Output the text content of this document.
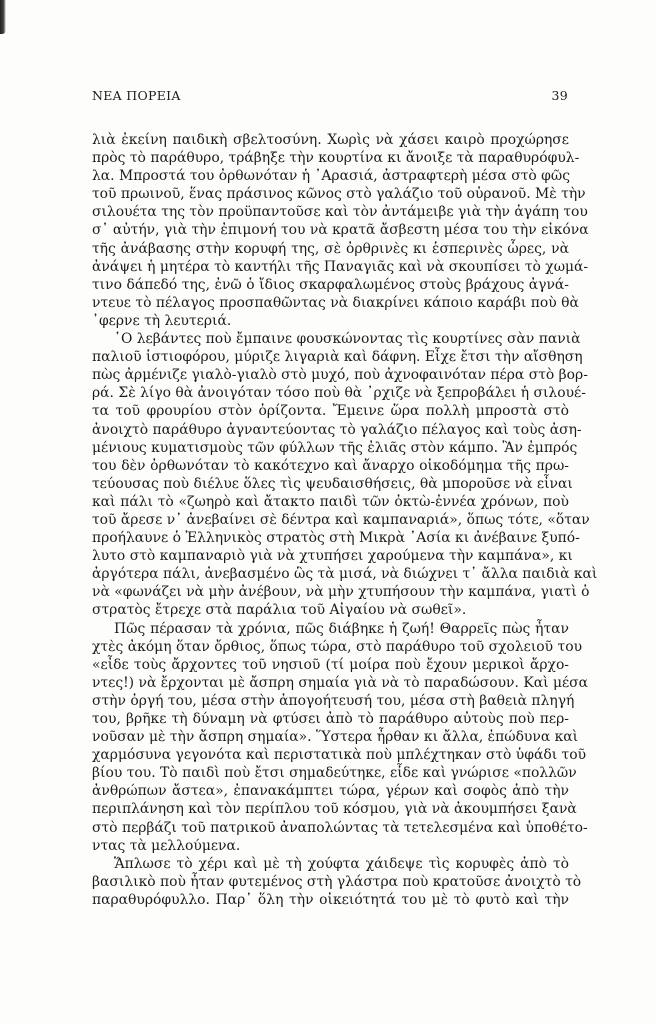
ΝΕΑ ΠΟΡΕΙΑ	39
λιὰ ἐκείνη παιδικὴ σβελτοσύνη. Χωρὶς νὰ χάσει καιρὸ προχώρησε
πρὸς τὸ παράθυρο, τράβηξε τὴν κουρτίνα κι ἄνοιξε τὰ παραθυρόφυλ-
λα. Μπροστά του ὀρθωνόταν ἡ ᾽Αρασιά, ἀστραφτερὴ μέσα στὸ φῶς
τοῦ πρωινοῦ, ἕνας πράσινος κῶνος στὸ γαλάζιο τοῦ οὐρανοῦ. Μὲ τὴν
σιλουέτα της τὸν προϋπαντοῦσε καὶ τὸν ἀντάμειβε γιὰ τὴν ἀγάπη του
σ᾽ αὐτήν, γιὰ τὴν ἐπιμονή του νὰ κρατᾶ ἄσβεστη μέσα του τὴν εἰκόνα
τῆς ἀνάβασης στὴν κορυφή της, σὲ ὀρθρινὲς κι ἑσπερινὲς ὧρες, νὰ
ἀνάψει ἡ μητέρα τὸ καντήλι τῆς Παναγιᾶς καὶ νὰ σκουπίσει τὸ χωμά-
τινο δάπεδό της, ἐνῶ ὁ ἴδιος σκαρφαλωμένος στοὺς βράχους ἀγνά-
ντευε τὸ πέλαγος προσπαθῶντας νὰ διακρίνει κάποιο καράβι ποὺ θὰ
᾽φερνε τὴ λευτεριά.
῾Ο λεβάντες ποὺ ἔμπαινε φουσκώνοντας τὶς κουρτίνες σὰν πανιὰ
παλιοῦ ἱστιοφόρου, μύριζε λιγαριὰ καὶ δάφνη. Εἶχε ἔτσι τὴν αἴσθηση
πὼς ἀρμένιζε γιαλὸ-γιαλὸ στὸ μυχό, ποὺ ἀχνοφαινόταν πέρα στὸ βορ-
ρά. Σὲ λίγο θὰ ἀνοιγόταν τόσο ποὺ θὰ ᾽ρχιζε νὰ ξεπροβάλει ἡ σιλουέ-
τα τοῦ φρουρίου στὸν ὁρίζοντα. Ἔμεινε ὥρα πολλὴ μπροστὰ στὸ
ἀνοιχτὸ παράθυρο ἀγναντεύοντας τὸ γαλάζιο πέλαγος καὶ τοὺς ἀση-
μένιους κυματισμοὺς τῶν φύλλων τῆς ἐλιᾶς στὸν κάμπο. Ἂν ἐμπρός
του δὲν ὀρθωνόταν τὸ κακότεχνο καὶ ἄναρχο οἰκοδόμημα τῆς πρω-
τεύουσας ποὺ διέλυε ὅλες τὶς ψευδαισθήσεις, θὰ μποροῦσε νὰ εἶναι
καὶ πάλι τὸ «ζωηρὸ καὶ ἄτακτο παιδὶ τῶν ὀκτὼ-ἐννέα χρόνων, ποὺ
τοῦ ἄρεσε ν᾽ ἀνεβαίνει σὲ δέντρα καὶ καμπαναριά», ὅπως τότε, «ὅταν
προήλαυνε ὁ Ἑλληνικὸς στρατὸς στὴ Μικρὰ ᾽Ασία κι ἀνέβαινε ξυπό-
λυτο στὸ καμπαναριὸ γιὰ νὰ χτυπήσει χαρούμενα τὴν καμπάνα», κι
ἀργότερα πάλι, ἀνεβασμένο ὣς τὰ μισά, νὰ διώχνει τ᾽ ἄλλα παιδιὰ καὶ
νὰ «φωνάζει νὰ μὴν ἀνέβουν, νὰ μὴν χτυπήσουν τὴν καμπάνα, γιατὶ ὁ
στρατὸς ἔτρεχε στὰ παράλια τοῦ Αἰγαίου νὰ σωθεῖ».
Πῶς πέρασαν τὰ χρόνια, πῶς διάβηκε ἡ ζωή! Θαρρεῖς πὼς ἦταν
χτὲς ἀκόμη ὅταν ὄρθιος, ὅπως τώρα, στὸ παράθυρο τοῦ σχολειοῦ του
«εἶδε τοὺς ἄρχοντες τοῦ νησιοῦ (τί μοίρα ποὺ ἔχουν μερικοὶ ἄρχο-
ντες!) νὰ ἔρχονται μὲ ἄσπρη σημαία γιὰ νὰ τὸ παραδώσουν. Καὶ μέσα
στὴν ὀργή του, μέσα στὴν ἀπογοήτευσή του, μέσα στὴ βαθειὰ πληγή
του, βρῆκε τὴ δύναμη νὰ φτύσει ἀπὸ τὸ παράθυρο αὐτοὺς ποὺ περ-
νοῦσαν μὲ τὴν ἄσπρη σημαία». Ὕστερα ἦρθαν κι ἄλλα, ἐπώδυνα καὶ
χαρμόσυνα γεγονότα καὶ περιστατικὰ ποὺ μπλέχτηκαν στὸ ὑφάδι τοῦ
βίου του. Τὸ παιδὶ ποὺ ἔτσι σημαδεύτηκε, εἶδε καὶ γνώρισε «πολλῶν
ἀνθρώπων ἄστεα», ἐπανακάμπτει τώρα, γέρων καὶ σοφὸς ἀπὸ τὴν
περιπλάνηση καὶ τὸν περίπλου τοῦ κόσμου, γιὰ νὰ ἀκουμπήσει ξανὰ
στὸ περβάζι τοῦ πατρικοῦ ἀναπολώντας τὰ τετελεσμένα καὶ ὑποθέτο-
ντας τὰ μελλούμενα.
Ἅπλωσε τὸ χέρι καὶ μὲ τὴ χούφτα χάιδεψε τὶς κορυφὲς ἀπὸ τὸ
βασιλικὸ ποὺ ἦταν φυτεμένος στὴ γλάστρα ποὺ κρατοῦσε ἀνοιχτὸ τὸ
παραθυρόφυλλο. Παρ᾽ ὅλη τὴν οἰκειότητά του μὲ τὸ φυτὸ καὶ τὴν
